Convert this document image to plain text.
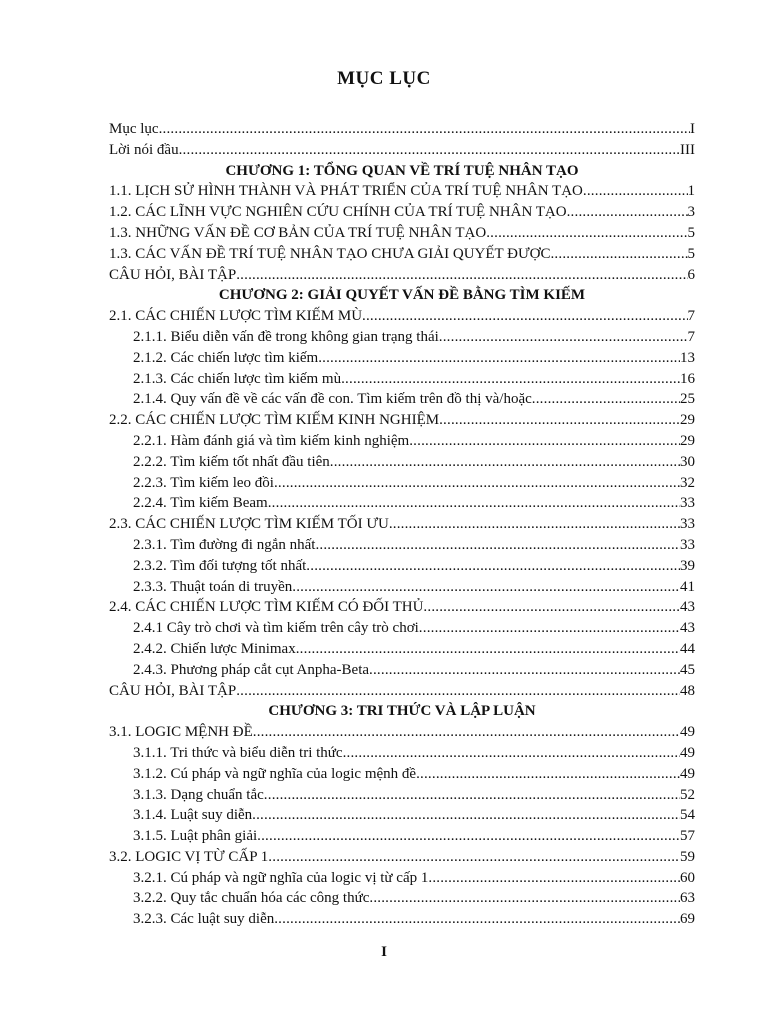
MỤC LỤC
Mục lục .....	I
Lời nói đầu .....	III
CHƯƠNG 1: TỔNG QUAN VỀ TRÍ TUỆ NHÂN TẠO
1.1. LỊCH SỬ HÌNH THÀNH VÀ PHÁT TRIỂN CỦA TRÍ TUỆ NHÂN TẠO .....	1
1.2. CÁC LĨNH VỰC NGHIÊN CỨU CHÍNH CỦA TRÍ TUỆ NHÂN TẠO .....	3
1.3. NHỮNG VẤN ĐỀ CƠ BẢN CỦA TRÍ TUỆ NHÂN TẠO .....	5
1.3. CÁC VẤN ĐỀ TRÍ TUỆ NHÂN TẠO CHƯA GIẢI QUYẾT ĐƯỢC .....	5
CÂU HỎI, BÀI TẬP .....	6
CHƯƠNG 2: GIẢI QUYẾT VẤN ĐỀ BẰNG TÌM KIẾM
2.1. CÁC CHIẾN LƯỢC TÌM KIẾM MÙ .....	7
2.1.1. Biểu diễn vấn đề trong không gian trạng thái .....	7
2.1.2. Các chiến lược tìm kiếm .....	13
2.1.3. Các chiến lược tìm kiếm mù .....	16
2.1.4. Quy vấn đề về các vấn đề con. Tìm kiếm trên đồ thị và/hoặc .....	25
2.2. CÁC CHIẾN LƯỢC TÌM KIẾM KINH NGHIỆM .....	29
2.2.1. Hàm đánh giá và tìm kiếm kinh nghiệm .....	29
2.2.2. Tìm kiếm tốt nhất đầu tiên .....	30
2.2.3. Tìm kiếm leo đồi .....	32
2.2.4. Tìm kiếm Beam .....	33
2.3. CÁC CHIẾN LƯỢC TÌM KIẾM TỐI ƯU .....	33
2.3.1. Tìm đường đi ngắn nhất .....	33
2.3.2. Tìm đối tượng tốt nhất .....	39
2.3.3. Thuật toán di truyền .....	41
2.4. CÁC CHIẾN LƯỢC TÌM KIẾM CÓ ĐỐI THỦ .....	43
2.4.1 Cây trò chơi và tìm kiếm trên cây trò chơi .....	43
2.4.2. Chiến lược Minimax .....	44
2.4.3. Phương pháp cắt cụt Anpha-Beta .....	45
CÂU HỎI, BÀI TẬP .....	48
CHƯƠNG 3: TRI THỨC VÀ LẬP LUẬN
3.1. LOGIC MỆNH ĐỀ .....	49
3.1.1. Tri thức và biểu diễn tri thức .....	49
3.1.2. Cú pháp và ngữ nghĩa của logic mệnh đề .....	49
3.1.3. Dạng chuẩn tắc .....	52
3.1.4. Luật suy diễn .....	54
3.1.5. Luật phân giải .....	57
3.2. LOGIC VỊ TỪ CẤP 1 .....	59
3.2.1. Cú pháp và ngữ nghĩa của logic vị từ cấp 1 .....	60
3.2.2. Quy tắc chuẩn hóa các công thức .....	63
3.2.3. Các luật suy diễn .....	69
I
